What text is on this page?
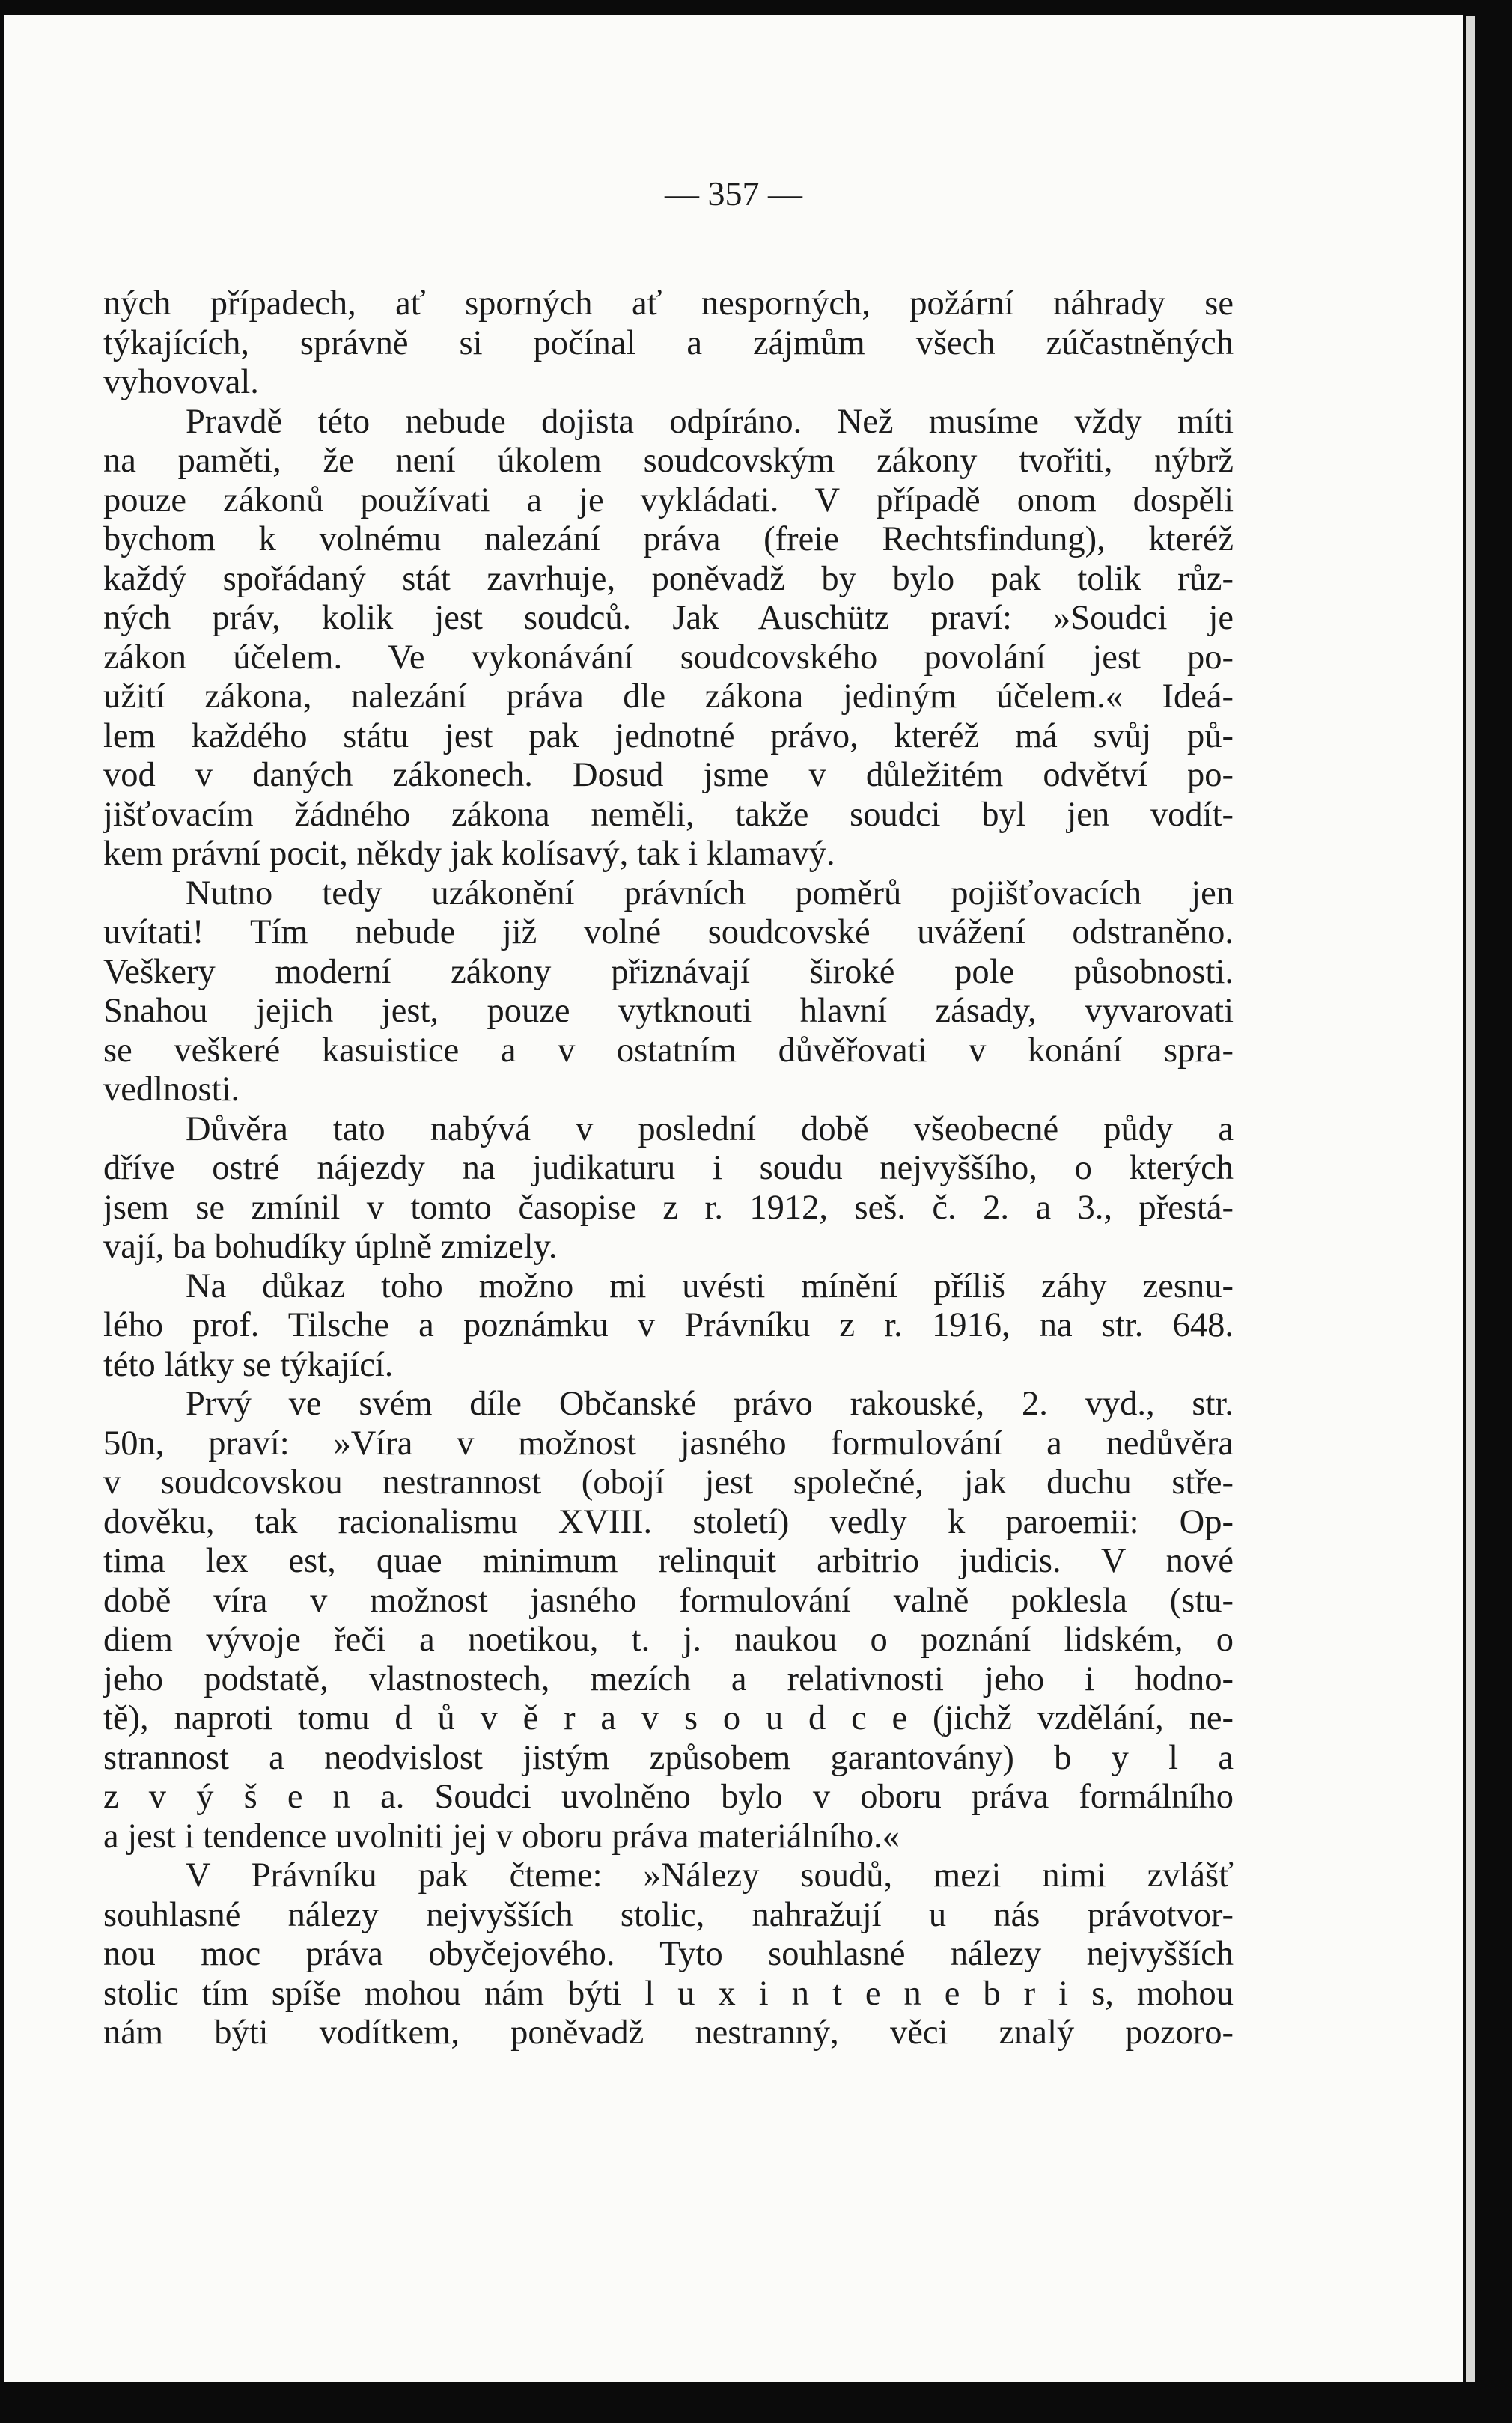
— 357 —
ných případech, ať sporných ať nesporných, požární náhrady se
týkajících, správně si počínal a zájmům všech zúčastněných
vyhovoval.
Pravdě této nebude dojista odpíráno. Než musíme vždy míti
na paměti, že není úkolem soudcovským zákony tvořiti, nýbrž
pouze zákonů používati a je vykládati. V případě onom dospěli
bychom k volnému nalezání práva (freie Rechtsfindung), kteréž
každý spořádaný stát zavrhuje, poněvadž by bylo pak tolik růz-
ných práv, kolik jest soudců. Jak Auschütz praví: »Soudci je
zákon účelem. Ve vykonávání soudcovského povolání jest po-
užití zákona, nalezání práva dle zákona jediným účelem.« Ideá-
lem každého státu jest pak jednotné právo, kteréž má svůj pů-
vod v daných zákonech. Dosud jsme v důležitém odvětví po-
jišťovacím žádného zákona neměli, takže soudci byl jen vodít-
kem právní pocit, někdy jak kolísavý, tak i klamavý.
Nutno tedy uzákonění právních poměrů pojišťovacích jen
uvítati! Tím nebude již volné soudcovské uvážení odstraněno.
Veškery moderní zákony přiznávají široké pole působnosti.
Snahou jejich jest, pouze vytknouti hlavní zásady, vyvarovati
se veškeré kasuistice a v ostatním důvěřovati v konání spra-
vedlnosti.
Důvěra tato nabývá v poslední době všeobecné půdy a
dříve ostré nájezdy na judikaturu i soudu nejvyššího, o kterých
jsem se zmínil v tomto časopise z r. 1912, seš. č. 2. a 3., přestá-
vají, ba bohudíky úplně zmizely.
Na důkaz toho možno mi uvésti mínění příliš záhy zesnu-
lého prof. Tilsche a poznámku v Právníku z r. 1916, na str. 648.
této látky se týkající.
Prvý ve svém díle Občanské právo rakouské, 2. vyd., str.
50n, praví: »Víra v možnost jasného formulování a nedůvěra
v soudcovskou nestrannost (obojí jest společné, jak duchu stře-
dověku, tak racionalismu XVIII. století) vedly k paroemii: Op-
tima lex est, quae minimum relinquit arbitrio judicis. V nové
době víra v možnost jasného formulování valně poklesla (stu-
diem vývoje řeči a noetikou, t. j. naukou o poznání lidském, o
jeho podstatě, vlastnostech, mezích a relativnosti jeho i hodno-
tě), naproti tomu d ů v ě r a v s o u d c e (jichž vzdělání, ne-
strannost a neodvislost jistým způsobem garantovány) b y l a
z v ý š e n a. Soudci uvolněno bylo v oboru práva formálního
a jest i tendence uvolniti jej v oboru práva materiálního.«
V Právníku pak čteme: »Nálezy soudů, mezi nimi zvlášť
souhlasné nálezy nejvyšších stolic, nahražují u nás právotvor-
nou moc práva obyčejového. Tyto souhlasné nálezy nejvyšších
stolic tím spíše mohou nám býti l u x i n t e n e b r i s, mohou
nám býti vodítkem, poněvadž nestranný, věci znalý pozoro-
